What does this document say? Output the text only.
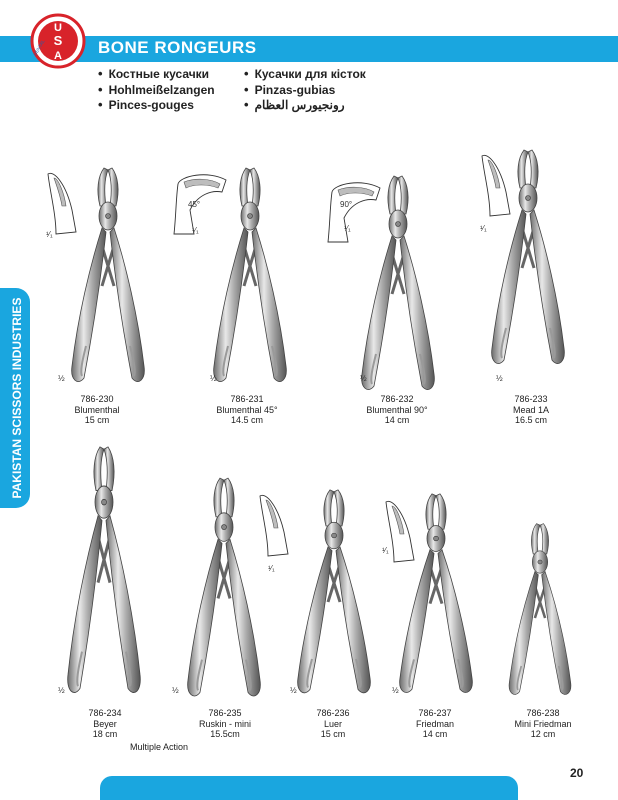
U
S
A
DENTAL	BONE RONGEURS
• Костные кусачки
• Hohlmeißelzangen
• Pinces-gouges
• Кусачки для кісток
• Pinzas-gubias
• رونجيورس العظام
PAKISTAN SCISSORS INDUSTRIES
¹⁄₁
½
786-230
Blumenthal
15 cm
45°
¹⁄₁
½
786-231
Blumenthal 45°
14.5 cm
90°
¹⁄₁
½
786-232
Blumenthal 90°
14 cm
¹⁄₁
½
786-233
Mead 1A
16.5 cm
½
786-234
Beyer
18 cm
½
786-235
Ruskin - mini
15.5cm
¹⁄₁
½
786-236
Luer
15 cm
¹⁄₁
½
786-237
Friedman
14 cm
786-238
Mini Friedman
12 cm
Multiple Action
20
